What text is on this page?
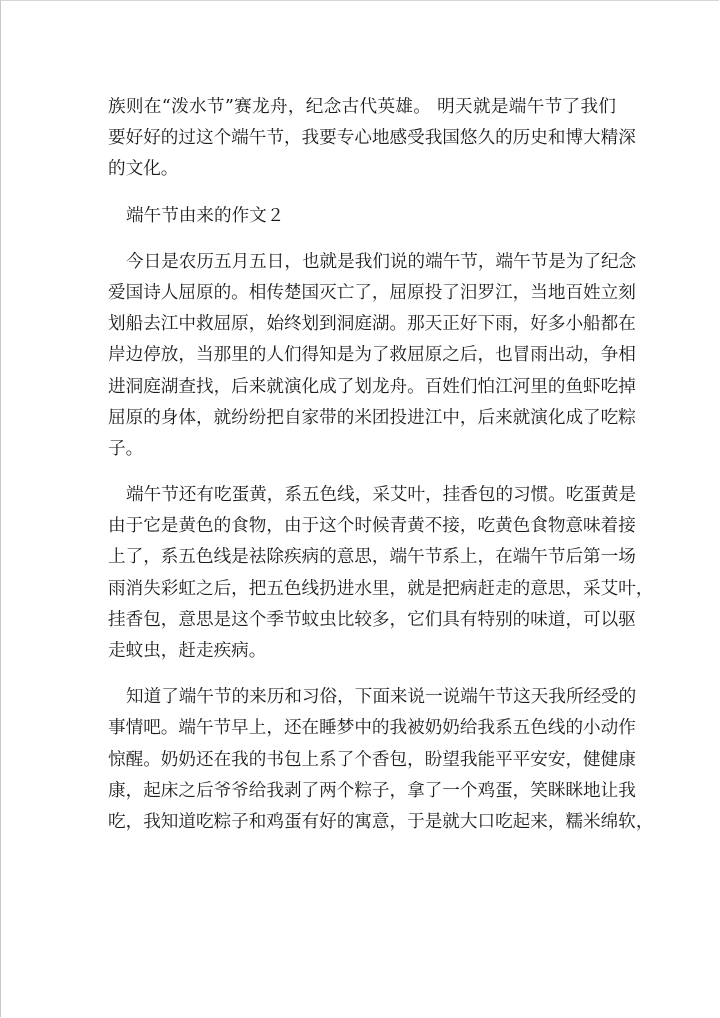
族则在“泼水节”赛龙舟，纪念古代英雄。 明天就是端午节了我们
要好好的过这个端午节，我要专心地感受我国悠久的历史和博大精深
的文化。
端午节由来的作文２
今日是农历五月五日，也就是我们说的端午节，端午节是为了纪念
爱国诗人屈原的。相传楚国灭亡了，屈原投了汨罗江，当地百姓立刻
划船去江中救屈原，始终划到洞庭湖。那天正好下雨，好多小船都在
岸边停放，当那里的人们得知是为了救屈原之后，也冒雨出动，争相
进洞庭湖查找，后来就演化成了划龙舟。百姓们怕江河里的鱼虾吃掉
屈原的身体，就纷纷把自家带的米团投进江中，后来就演化成了吃粽
子。
端午节还有吃蛋黄，系五色线，采艾叶，挂香包的习惯。吃蛋黄是
由于它是黄色的食物，由于这个时候青黄不接，吃黄色食物意味着接
上了，系五色线是祛除疾病的意思，端午节系上，在端午节后第一场
雨消失彩虹之后，把五色线扔进水里，就是把病赶走的意思，采艾叶，
挂香包，意思是这个季节蚊虫比较多，它们具有特别的味道，可以驱
走蚊虫，赶走疾病。
知道了端午节的来历和习俗，下面来说一说端午节这天我所经受的
事情吧。端午节早上，还在睡梦中的我被奶奶给我系五色线的小动作
惊醒。奶奶还在我的书包上系了个香包，盼望我能平平安安，健健康
康，起床之后爷爷给我剥了两个粽子，拿了一个鸡蛋，笑眯眯地让我
吃，我知道吃粽子和鸡蛋有好的寓意，于是就大口吃起来，糯米绵软，
